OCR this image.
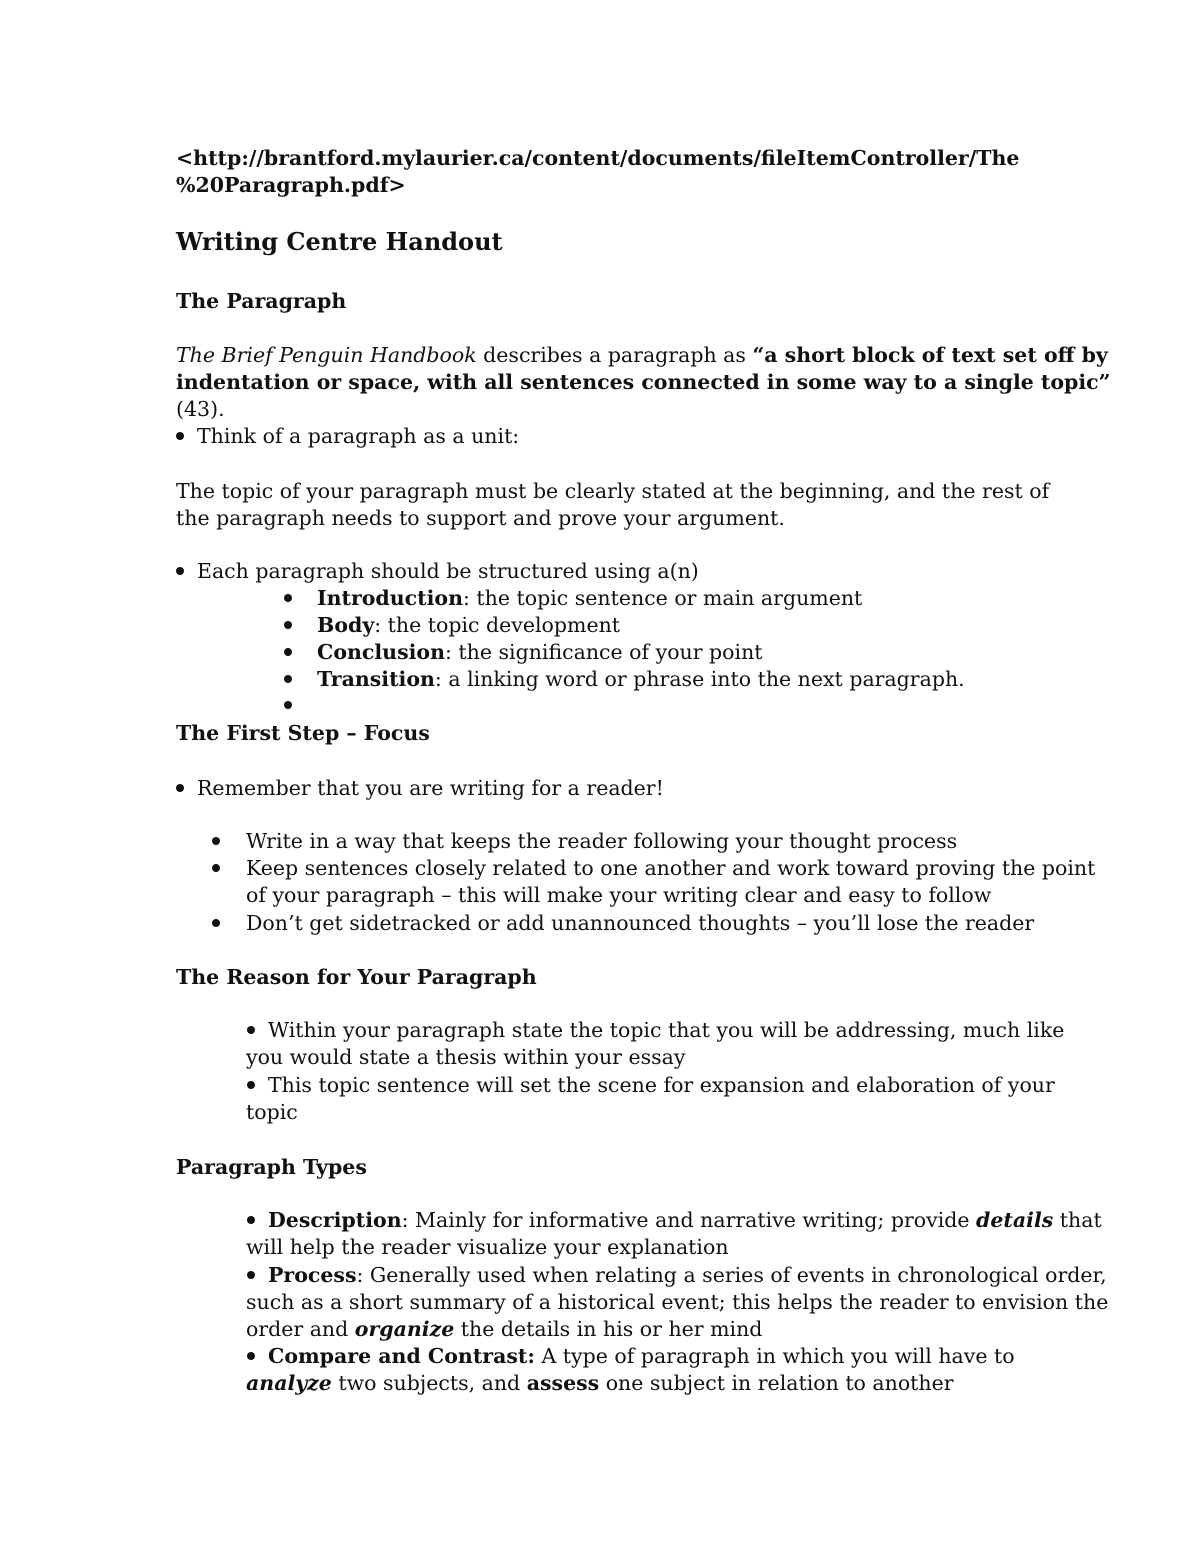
<http://brantford.mylaurier.ca/content/documents/fileItemController/The
%20Paragraph.pdf>
Writing Centre Handout
The Paragraph
The Brief Penguin Handbook describes a paragraph as “a short block of text set off by
indentation or space, with all sentences connected in some way to a single topic”
(43).
Think of a paragraph as a unit:
The topic of your paragraph must be clearly stated at the beginning, and the rest of
the paragraph needs to support and prove your argument.
Each paragraph should be structured using a(n)
Introduction: the topic sentence or main argument
Body: the topic development
Conclusion: the significance of your point
Transition: a linking word or phrase into the next paragraph.
The First Step – Focus
Remember that you are writing for a reader!
Write in a way that keeps the reader following your thought process
Keep sentences closely related to one another and work toward proving the point
of your paragraph – this will make your writing clear and easy to follow
Don’t get sidetracked or add unannounced thoughts – you’ll lose the reader
The Reason for Your Paragraph
Within your paragraph state the topic that you will be addressing, much like
you would state a thesis within your essay
This topic sentence will set the scene for expansion and elaboration of your
topic
Paragraph Types
Description: Mainly for informative and narrative writing; provide details that
will help the reader visualize your explanation
Process: Generally used when relating a series of events in chronological order,
such as a short summary of a historical event; this helps the reader to envision the
order and organize the details in his or her mind
Compare and Contrast: A type of paragraph in which you will have to
analyze two subjects, and assess one subject in relation to another
